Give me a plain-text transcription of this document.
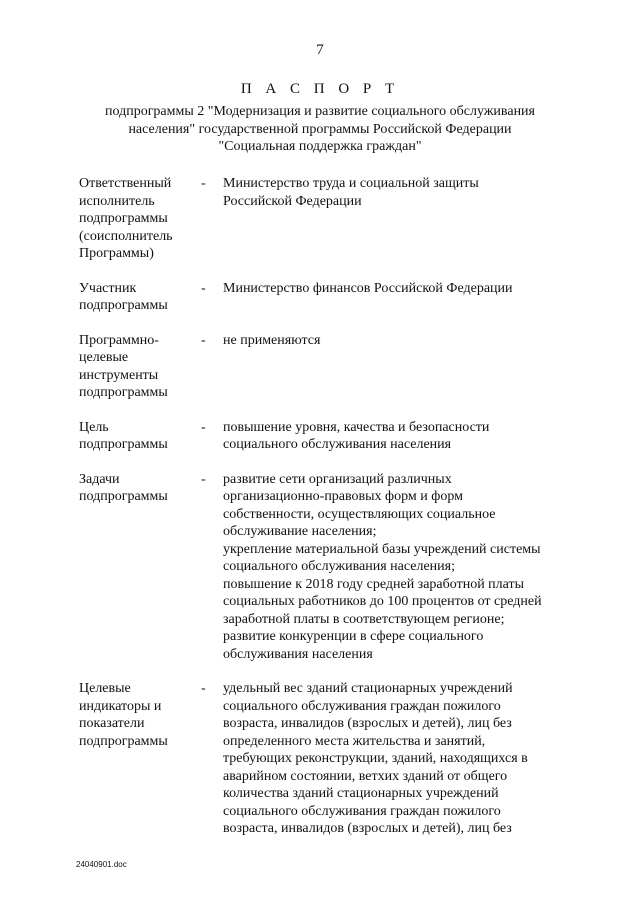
7
П А С П О Р Т
подпрограммы 2 "Модернизация и развитие социального обслуживания
населения" государственной программы Российской Федерации
"Социальная поддержка граждан"
Ответственный
исполнитель
подпрограммы
(соисполнитель
Программы)
-	Министерство труда и социальной защиты
Российской Федерации
Участник
подпрограммы
-	Министерство финансов Российской Федерации
Программно-
целевые
инструменты
подпрограммы
-	не применяются
Цель
подпрограммы
-	повышение уровня, качества и безопасности
социального обслуживания населения
Задачи
подпрограммы
-	развитие сети организаций различных
организационно-правовых форм и форм
собственности, осуществляющих социальное
обслуживание населения;
укрепление материальной базы учреждений системы
социального обслуживания населения;
повышение к 2018 году средней заработной платы
социальных работников до 100 процентов от средней
заработной платы в соответствующем регионе;
развитие конкуренции в сфере социального
обслуживания населения
Целевые
индикаторы и
показатели
подпрограммы
-	удельный вес зданий стационарных учреждений
социального обслуживания граждан пожилого
возраста, инвалидов (взрослых и детей), лиц без
определенного места жительства и занятий,
требующих реконструкции, зданий, находящихся в
аварийном состоянии, ветхих зданий от общего
количества зданий стационарных учреждений
социального обслуживания граждан пожилого
возраста, инвалидов (взрослых и детей), лиц без
24040901.doc
